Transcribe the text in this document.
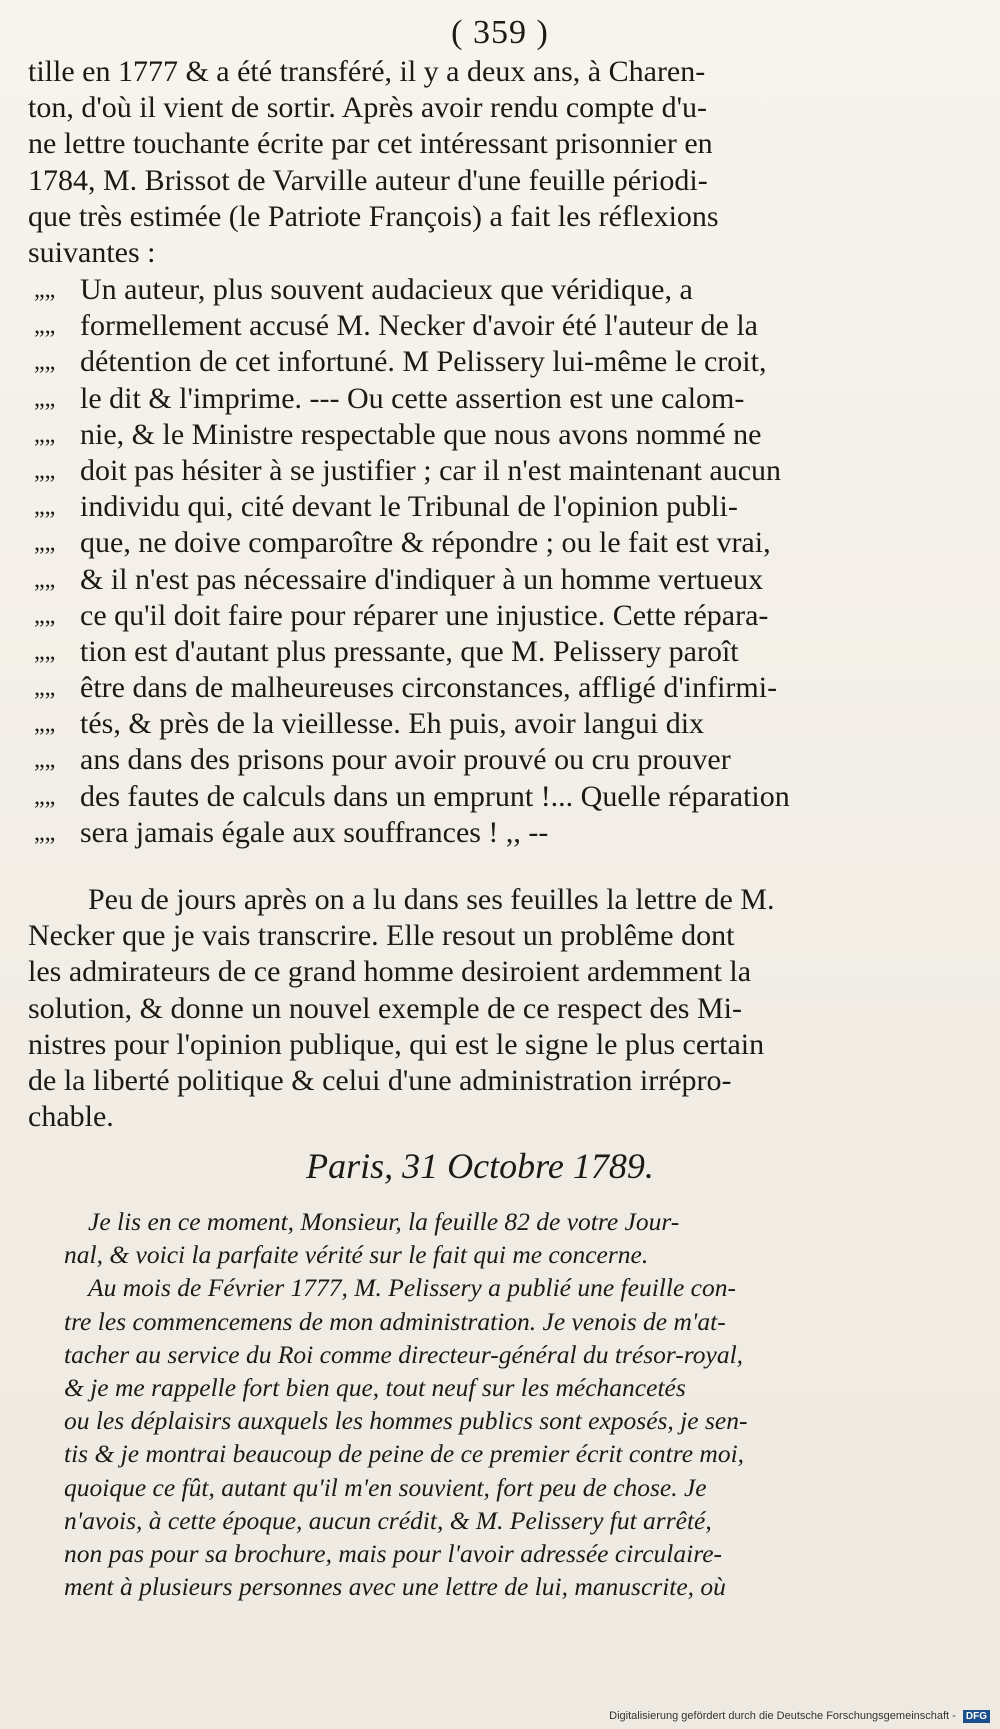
( 359 )
tille en 1777 & a été transféré, il y a deux ans, à Charen-
ton, d'où il vient de sortir. Après avoir rendu compte d'u-
ne lettre touchante écrite par cet intéressant prisonnier en
1784, M. Brissot de Varville auteur d'une feuille périodi-
que très estimée (le Patriote François) a fait les réflexions
suivantes :
„„ Un auteur, plus souvent audacieux que véridique, a
„„ formellement accusé M. Necker d'avoir été l'auteur de la
„„ détention de cet infortuné. M Pelissery lui-même le croit,
„„ le dit & l'imprime. --- Ou cette assertion est une calom-
„„ nie, & le Ministre respectable que nous avons nommé ne
„„ doit pas hésiter à se justifier ; car il n'est maintenant aucun
„„ individu qui, cité devant le Tribunal de l'opinion publi-
„„ que, ne doive comparoître & répondre ; ou le fait est vrai,
„„ & il n'est pas nécessaire d'indiquer à un homme vertueux
„„ ce qu'il doit faire pour réparer une injustice. Cette répara-
„„ tion est d'autant plus pressante, que M. Pelissery paroît
„„ être dans de malheureuses circonstances, affligé d'infirmi-
„„ tés, & près de la vieillesse. Eh puis, avoir langui dix
„„ ans dans des prisons pour avoir prouvé ou cru prouver
„„ des fautes de calculs dans un emprunt !... Quelle réparation
„„ sera jamais égale aux souffrances ! ,, --
Peu de jours après on a lu dans ses feuilles la lettre de M.
Necker que je vais transcrire. Elle resout un problême dont
les admirateurs de ce grand homme desiroient ardemment la
solution, & donne un nouvel exemple de ce respect des Mi-
nistres pour l'opinion publique, qui est le signe le plus certain
de la liberté politique & celui d'une administration irrépro-
chable.
Paris, 31 Octobre 1789.
Je lis en ce moment, Monsieur, la feuille 82 de votre Jour-
nal, & voici la parfaite vérité sur le fait qui me concerne.
Au mois de Février 1777, M. Pelissery a publié une feuille con-
tre les commencemens de mon administration. Je venois de m'at-
tacher au service du Roi comme directeur-général du trésor-royal,
& je me rappelle fort bien que, tout neuf sur les méchancetés
ou les déplaisirs auxquels les hommes publics sont exposés, je sen-
tis & je montrai beaucoup de peine de ce premier écrit contre moi,
quoique ce fût, autant qu'il m'en souvient, fort peu de chose. Je
n'avois, à cette époque, aucun crédit, & M. Pelissery fut arrêté,
non pas pour sa brochure, mais pour l'avoir adressée circulaire-
ment à plusieurs personnes avec une lettre de lui, manuscrite, où
Digitalisierung gefördert durch die Deutsche Forschungsgemeinschaft - DFG
